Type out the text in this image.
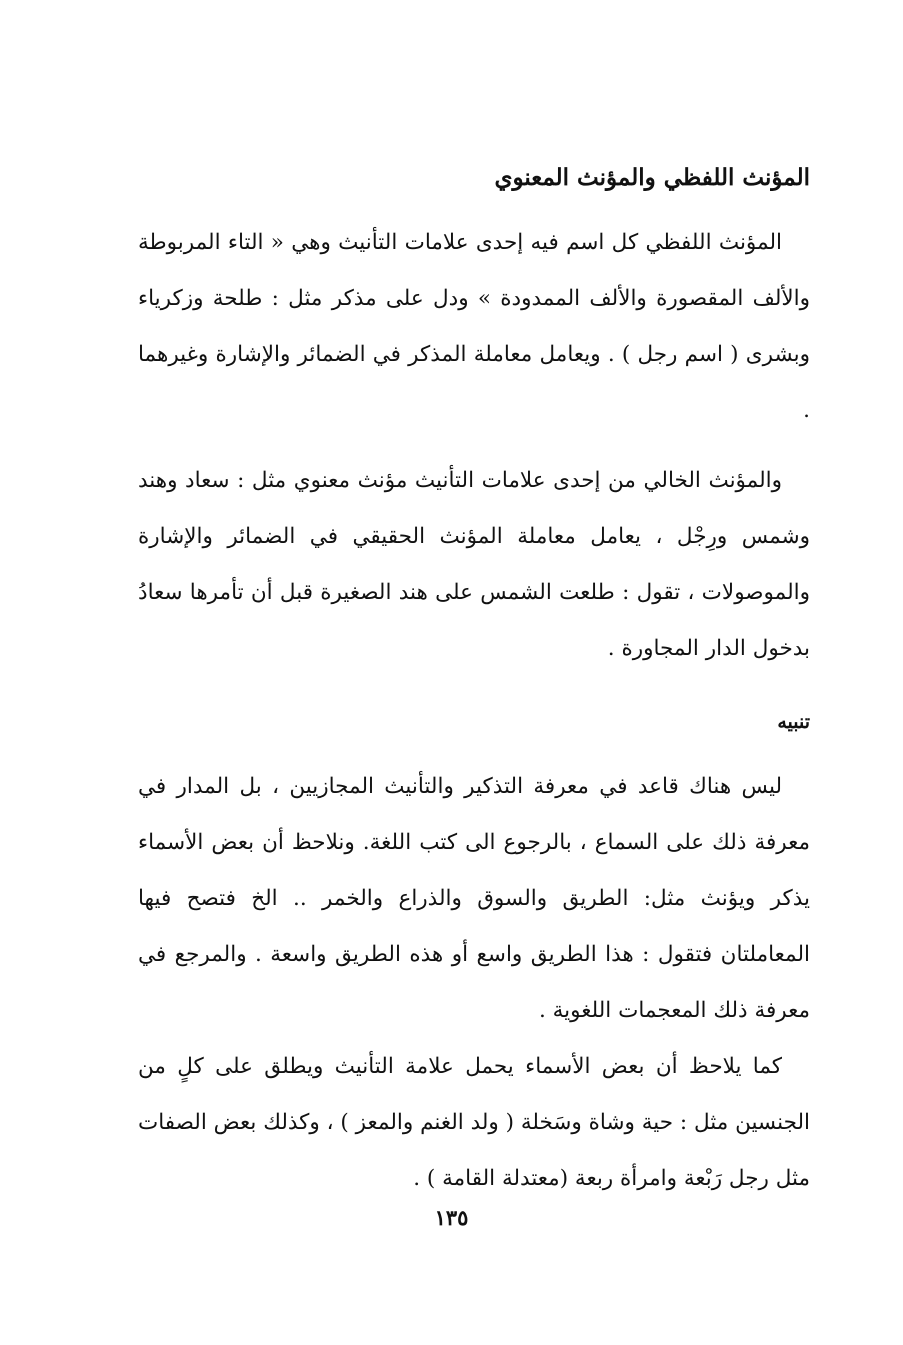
المؤنث اللفظي والمؤنث المعنوي

المؤنث اللفظي كل اسم فيه إحدى علامات التأنيث وهي « التاء المربوطة والألف المقصورة والألف الممدودة » ودل على مذكر مثل : طلحة وزكرياء وبشرى ( اسم رجل ) . ويعامل معاملة المذكر في الضمائر والإشارة وغيرهما .

والمؤنث الخالي من إحدى علامات التأنيث مؤنث معنوي مثل : سعاد وهند وشمس ورِجْل ، يعامل معاملة المؤنث الحقيقي في الضمائر والإشارة والموصولات ، تقول : طلعت الشمس على هند الصغيرة قبل أن تأمرها سعادُ بدخول الدار المجاورة .

تنبيه

ليس هناك قاعد في معرفة التذكير والتأنيث المجازيين ، بل المدار في معرفة ذلك على السماع ، بالرجوع الى كتب اللغة. ونلاحظ أن بعض الأسماء يذكر ويؤنث مثل: الطريق والسوق والذراع والخمر .. الخ فتصح فيها المعاملتان فتقول : هذا الطريق واسع أو هذه الطريق واسعة . والمرجع في معرفة ذلك المعجمات اللغوية .

كما يلاحظ أن بعض الأسماء يحمل علامة التأنيث ويطلق على كلٍ من الجنسين مثل : حية وشاة وسَخلة ( ولد الغنم والمعز ) ، وكذلك بعض الصفات مثل رجل رَبْعة وامرأة ربعة (معتدلة القامة ) .

١٣٥
